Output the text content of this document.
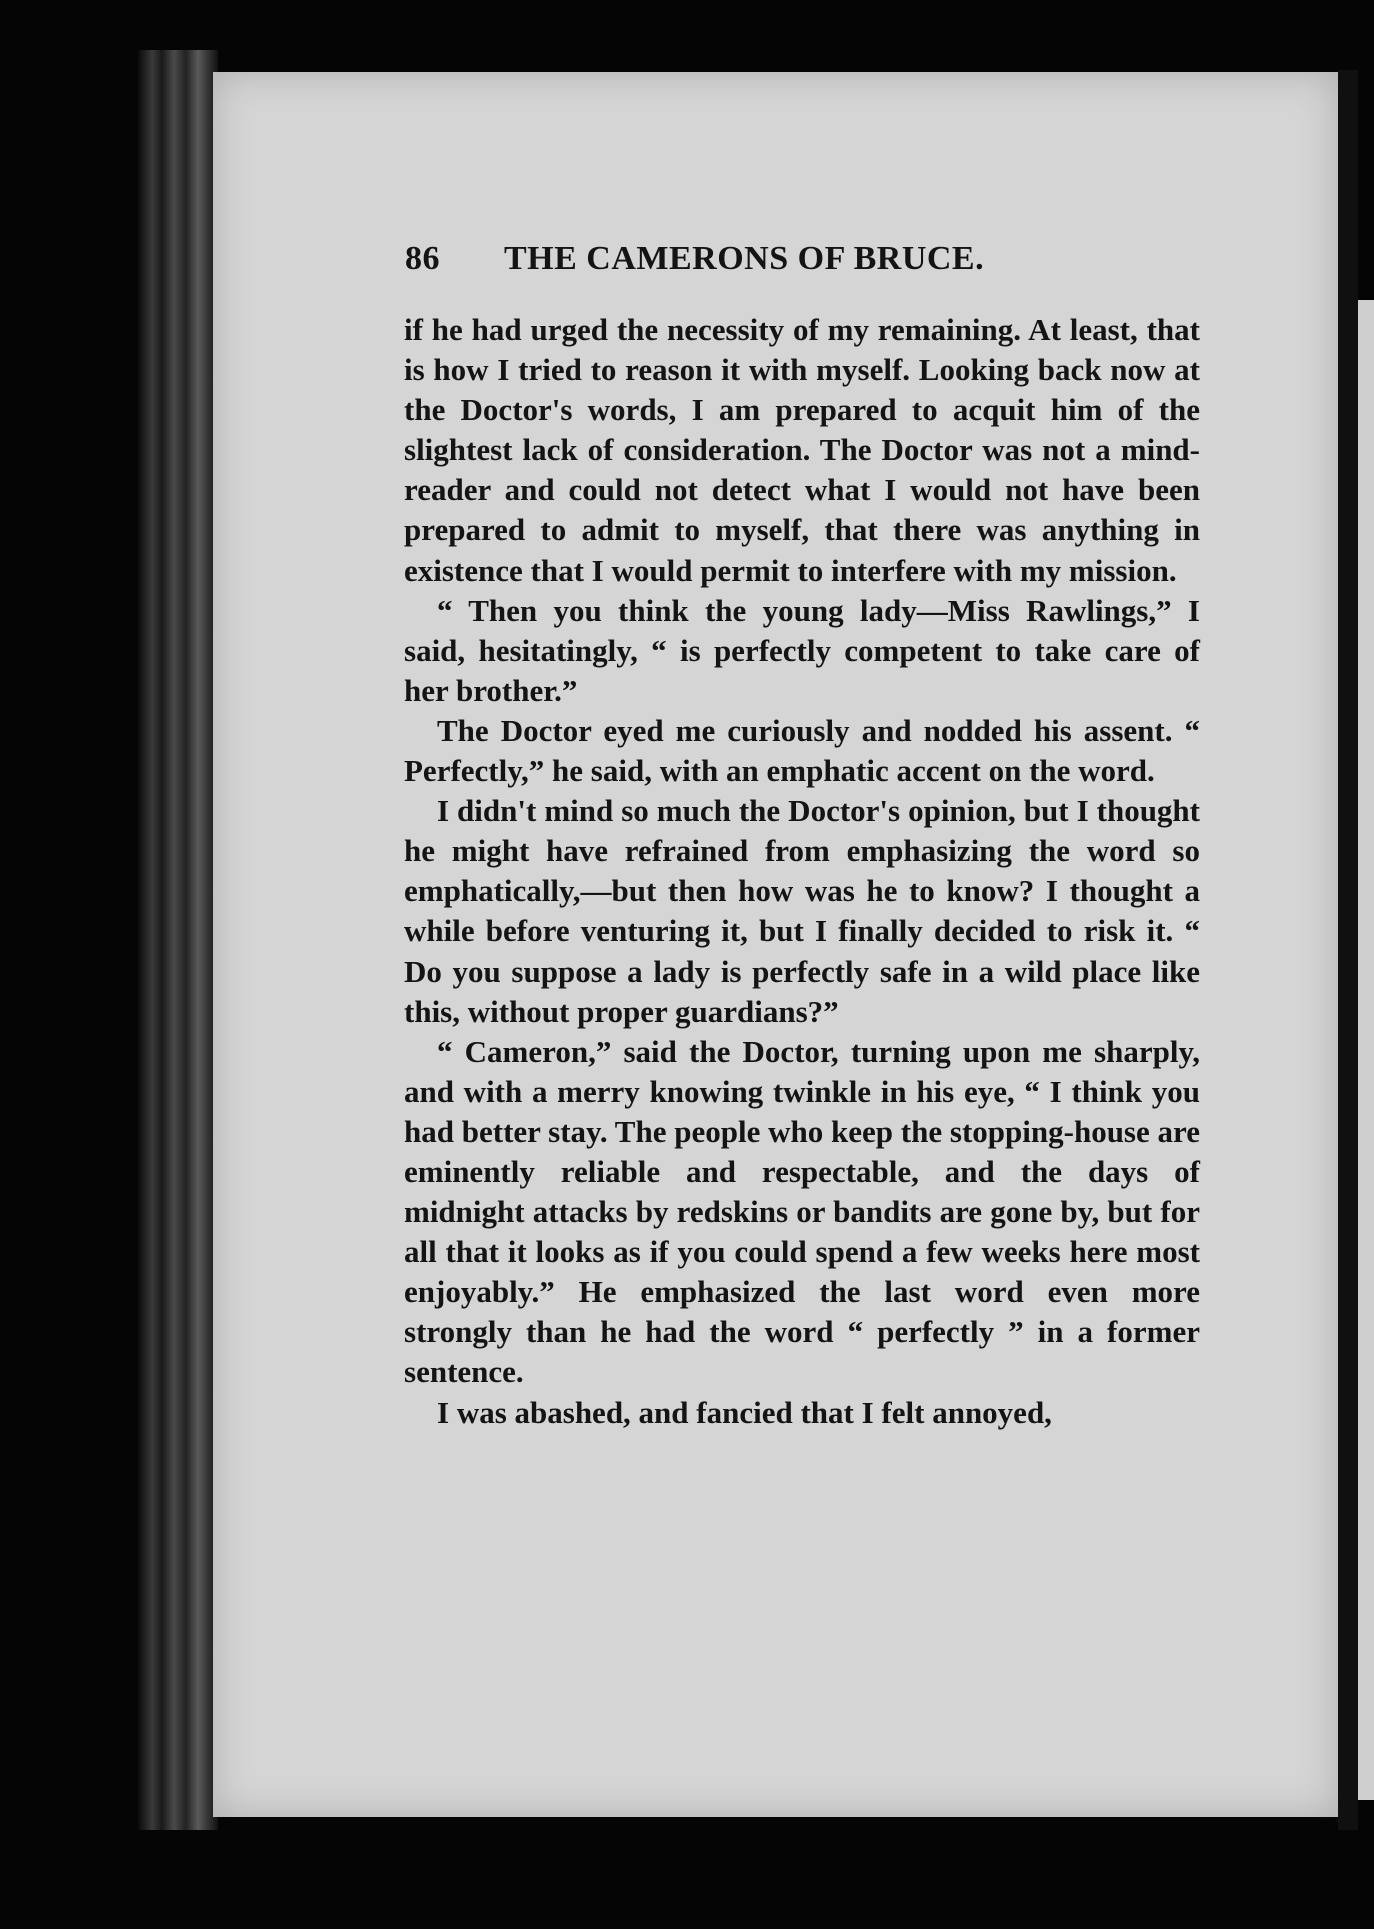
86 THE CAMERONS OF BRUCE.

if he had urged the necessity of my remaining. At least, that is how I tried to reason it with myself. Looking back now at the Doctor's words, I am prepared to acquit him of the slightest lack of consideration. The Doctor was not a mind-reader and could not detect what I would not have been prepared to admit to myself, that there was anything in existence that I would permit to interfere with my mission.

“ Then you think the young lady—Miss Rawlings,” I said, hesitatingly, “ is perfectly competent to take care of her brother.”

The Doctor eyed me curiously and nodded his assent. “ Perfectly,” he said, with an emphatic accent on the word.

I didn't mind so much the Doctor's opinion, but I thought he might have refrained from emphasizing the word so emphatically,—but then how was he to know? I thought a while before venturing it, but I finally decided to risk it. “ Do you suppose a lady is perfectly safe in a wild place like this, without proper guardians?”

“ Cameron,” said the Doctor, turning upon me sharply, and with a merry knowing twinkle in his eye, “ I think you had better stay. The people who keep the stopping-house are eminently reliable and respectable, and the days of midnight attacks by redskins or bandits are gone by, but for all that it looks as if you could spend a few weeks here most enjoyably.” He emphasized the last word even more strongly than he had the word “ perfectly ” in a former sentence.

I was abashed, and fancied that I felt annoyed,
